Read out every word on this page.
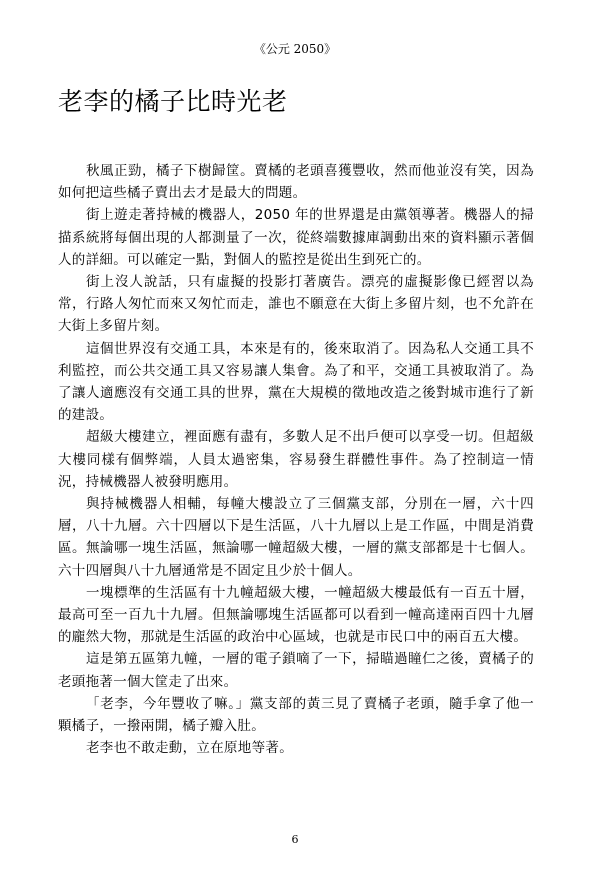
《公元 2050》
老李的橘子比時光老

秋風正勁，橘子下樹歸筐。賣橘的老頭喜獲豐收，然而他並沒有笑，因為如何把這些橘子賣出去才是最大的問題。

街上遊走著持械的機器人，2050 年的世界還是由黨領導著。機器人的掃描系統將每個出現的人都測量了一次，從終端數據庫調動出來的資料顯示著個人的詳細。可以確定一點，對個人的監控是從出生到死亡的。

街上沒人說話，只有虛擬的投影打著廣告。漂亮的虛擬影像已經習以為常，行路人匆忙而來又匆忙而走，誰也不願意在大街上多留片刻，也不允許在大街上多留片刻。

這個世界沒有交通工具，本來是有的，後來取消了。因為私人交通工具不利監控，而公共交通工具又容易讓人集會。為了和平，交通工具被取消了。為了讓人適應沒有交通工具的世界，黨在大規模的徵地改造之後對城市進行了新的建設。

超級大樓建立，裡面應有盡有，多數人足不出戶便可以享受一切。但超級大樓同樣有個弊端，人員太過密集，容易發生群體性事件。為了控制這一情況，持械機器人被發明應用。

與持械機器人相輔，每幢大樓設立了三個黨支部，分別在一層，六十四層，八十九層。六十四層以下是生活區，八十九層以上是工作區，中間是消費區。無論哪一塊生活區，無論哪一幢超級大樓，一層的黨支部都是十七個人。六十四層與八十九層通常是不固定且少於十個人。

一塊標準的生活區有十九幢超級大樓，一幢超級大樓最低有一百五十層，最高可至一百九十九層。但無論哪塊生活區都可以看到一幢高達兩百四十九層的龐然大物，那就是生活區的政治中心區域，也就是市民口中的兩百五大樓。

這是第五區第九幢，一層的電子鎖嘀了一下，掃瞄過瞳仁之後，賣橘子的老頭拖著一個大筐走了出來。

「老李，今年豐收了嘛。」黨支部的黃三見了賣橘子老頭，隨手拿了他一顆橘子，一撥兩開，橘子瓣入肚。

老李也不敢走動，立在原地等著。

6
